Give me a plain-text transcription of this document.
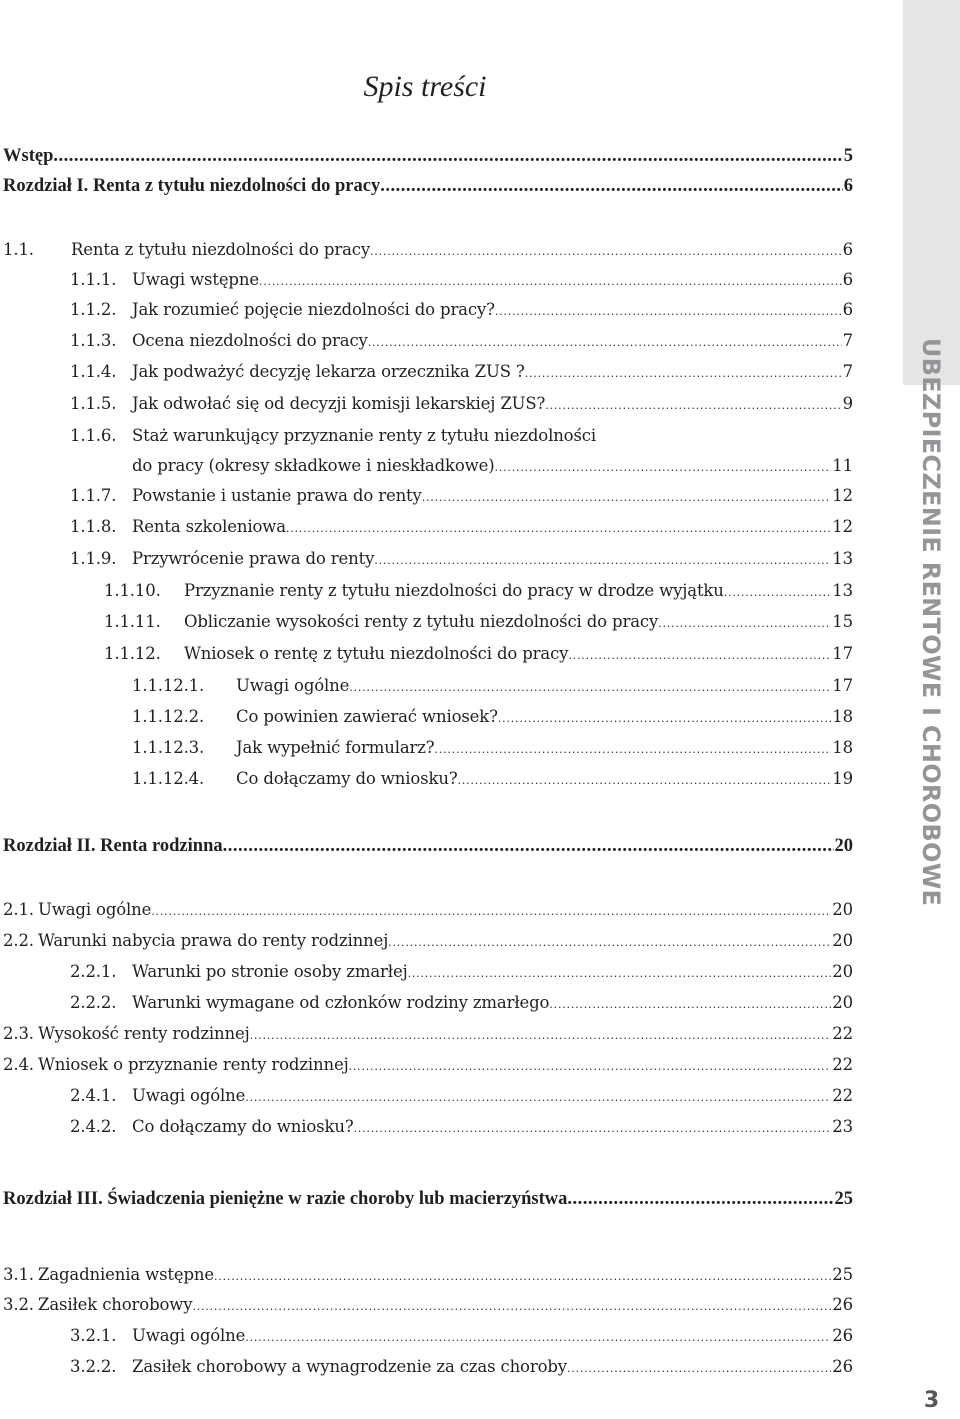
UBEZPIECZENIE RENTOWE I CHOROBOWE
Spis treści
Wstęp .....	5
Rozdział I.
Renta z tytułu niezdolności do pracy .....	6
1.1.	Renta z tytułu niezdolności do pracy .....	6
1.1.1. Uwagi wstępne .....	6
1.1.2. Jak rozumieć pojęcie niezdolności do pracy? .....	6
1.1.3. Ocena niezdolności do pracy .....	7
1.1.4. Jak podważyć decyzję lekarza orzecznika ZUS ? .....	7
1.1.5. Jak odwołać się od decyzji komisji lekarskiej ZUS? .....	9
1.1.6. Staż warunkujący przyznanie renty z tytułu niezdolności
do pracy (okresy składkowe i nieskładkowe) .....	11
1.1.7. Powstanie i ustanie prawa do renty .....	12
1.1.8. Renta szkoleniowa .....	12
1.1.9. Przywrócenie prawa do renty .....	13
1.1.10.	Przyznanie renty z tytułu niezdolności do pracy w drodze wyjątku .....	13
1.1.11.	Obliczanie wysokości renty z tytułu niezdolności do pracy .....	15
1.1.12.	Wniosek o rentę z tytułu niezdolności do pracy .....	17
1.1.12.1.	Uwagi ogólne .....	17
1.1.12.2.	Co powinien zawierać wniosek? .....	18
1.1.12.3.	Jak wypełnić formularz? .....	18
1.1.12.4.	Co dołączamy do wniosku? .....	19
Rozdział II.
Renta rodzinna .....	20
2.1. Uwagi ogólne .....	20
2.2. Warunki nabycia prawa do renty rodzinnej .....	20
2.2.1. Warunki po stronie osoby zmarłej .....	20
2.2.2. Warunki wymagane od członków rodziny zmarłego .....	20
2.3. Wysokość renty rodzinnej .....	22
2.4. Wniosek o przyznanie renty rodzinnej .....	22
2.4.1. Uwagi ogólne .....	22
2.4.2. Co dołączamy do wniosku? .....	23
Rozdział III.
Świadczenia pieniężne w razie choroby lub macierzyństwa .....	25
3.1. Zagadnienia wstępne .....	25
3.2. Zasiłek chorobowy .....	26
3.2.1. Uwagi ogólne .....	26
3.2.2. Zasiłek chorobowy a wynagrodzenie za czas choroby .....	26
3
